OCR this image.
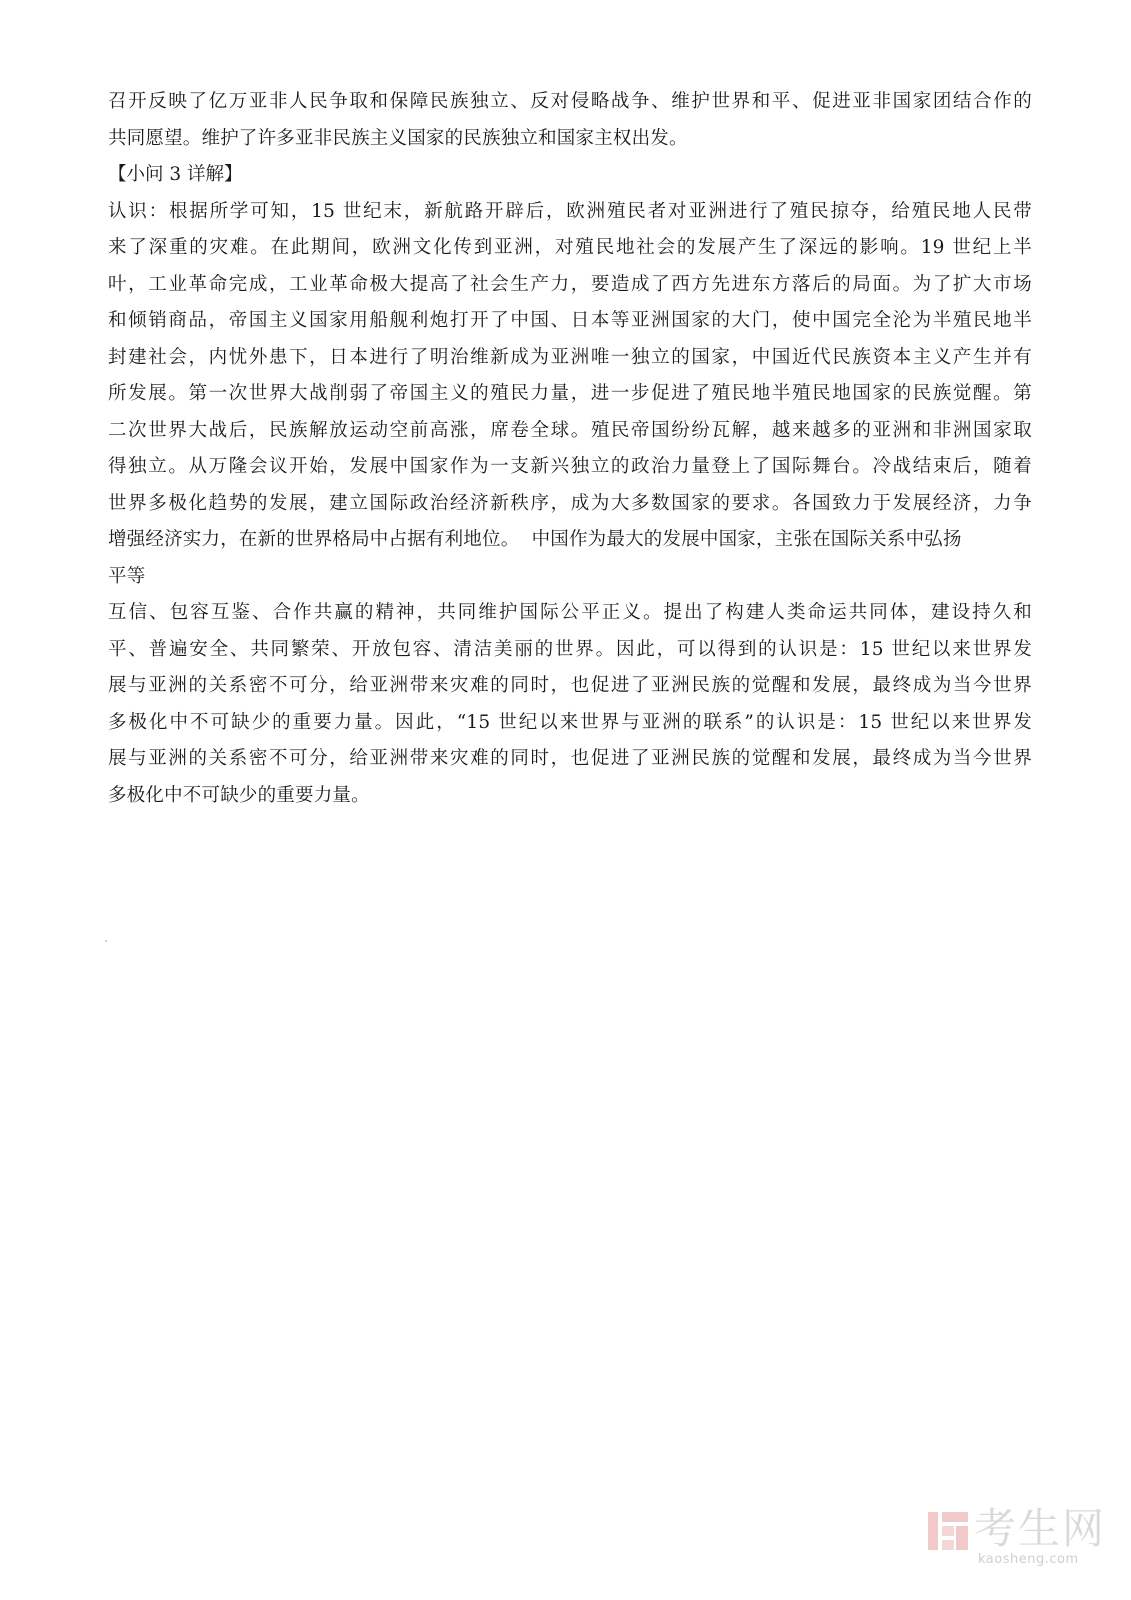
召开反映了亿万亚非人民争取和保障民族独立、反对侵略战争、维护世界和平、促进亚非国家团结合作的
共同愿望。维护了许多亚非民族主义国家的民族独立和国家主权出发。
【小问 3 详解】
认识：根据所学可知，15 世纪末，新航路开辟后，欧洲殖民者对亚洲进行了殖民掠夺，给殖民地人民带
来了深重的灾难。在此期间，欧洲文化传到亚洲，对殖民地社会的发展产生了深远的影响。19 世纪上半
叶，工业革命完成，工业革命极大提高了社会生产力，要造成了西方先进东方落后的局面。为了扩大市场
和倾销商品，帝国主义国家用船舰利炮打开了中国、日本等亚洲国家的大门，使中国完全沦为半殖民地半
封建社会，内忧外患下，日本进行了明治维新成为亚洲唯一独立的国家，中国近代民族资本主义产生并有
所发展。第一次世界大战削弱了帝国主义的殖民力量，进一步促进了殖民地半殖民地国家的民族觉醒。第
二次世界大战后，民族解放运动空前高涨，席卷全球。殖民帝国纷纷瓦解，越来越多的亚洲和非洲国家取
得独立。从万隆会议开始，发展中国家作为一支新兴独立的政治力量登上了国际舞台。冷战结束后，随着
世界多极化趋势的发展，建立国际政治经济新秩序，成为大多数国家的要求。各国致力于发展经济，力争
增强经济实力，在新的世界格局中占据有利地位。  中国作为最大的发展中国家，主张在国际关系中弘扬
平等
互信、包容互鉴、合作共赢的精神，共同维护国际公平正义。提出了构建人类命运共同体，建设持久和
平、普遍安全、共同繁荣、开放包容、清洁美丽的世界。因此，可以得到的认识是：15 世纪以来世界发
展与亚洲的关系密不可分，给亚洲带来灾难的同时，也促进了亚洲民族的觉醒和发展，最终成为当今世界
多极化中不可缺少的重要力量。因此，“15 世纪以来世界与亚洲的联系”的认识是：15 世纪以来世界发
展与亚洲的关系密不可分，给亚洲带来灾难的同时，也促进了亚洲民族的觉醒和发展，最终成为当今世界
多极化中不可缺少的重要力量。
考生网
kaosheng.com
